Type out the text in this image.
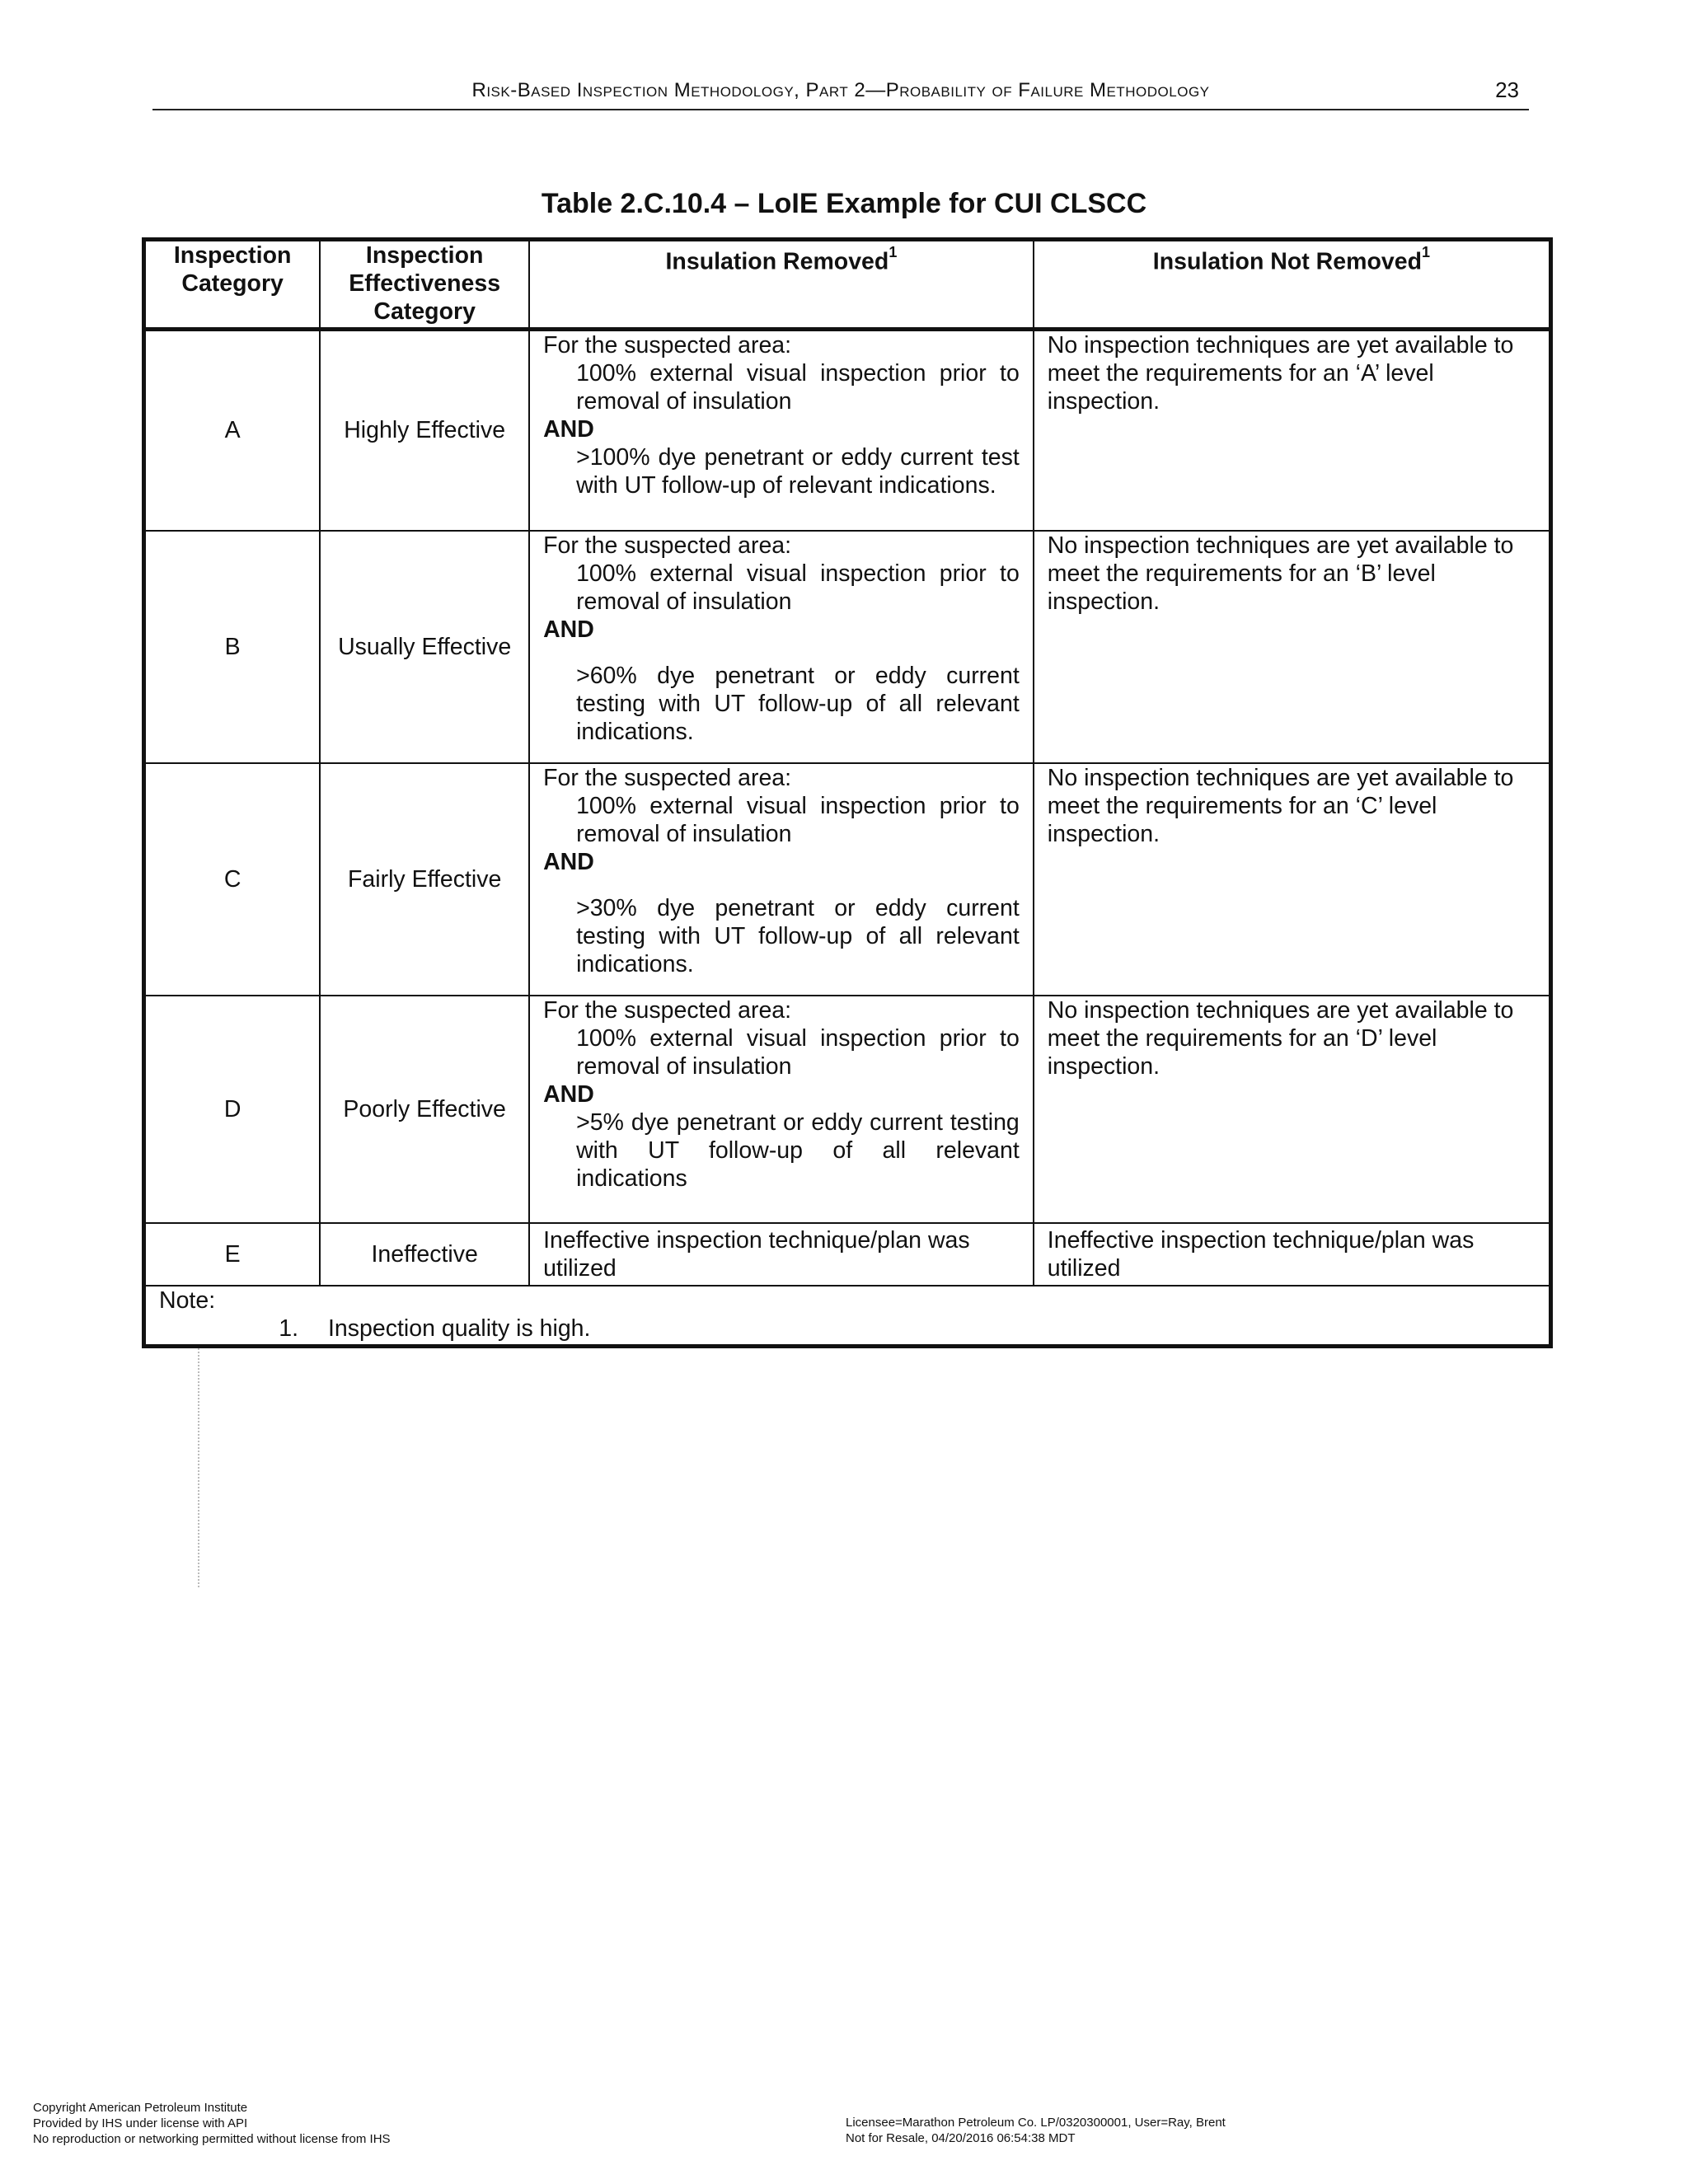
Risk-Based Inspection Methodology, Part 2—Probability of Failure Methodology	23
Table 2.C.10.4 – LoIE Example for CUI CLSCC
Inspection Category	Inspection Effectiveness Category	Insulation Removed$^1$	Insulation Not Removed$^1$
A	Highly Effective	For the suspected area:
100% external visual inspection prior to removal of insulation
AND
>100% dye penetrant or eddy current test with UT follow-up of relevant indications.	No inspection techniques are yet available to meet the requirements for an ‘A’ level inspection.
B	Usually Effective	For the suspected area:
100% external visual inspection prior to removal of insulation
AND
>60% dye penetrant or eddy current testing with UT follow-up of all relevant indications.	No inspection techniques are yet available to meet the requirements for an ‘B’ level inspection.
C	Fairly Effective	For the suspected area:
100% external visual inspection prior to removal of insulation
AND
>30% dye penetrant or eddy current testing with UT follow-up of all relevant indications.	No inspection techniques are yet available to meet the requirements for an ‘C’ level inspection.
D	Poorly Effective	For the suspected area:
100% external visual inspection prior to removal of insulation
AND
>5% dye penetrant or eddy current testing with UT follow-up of all relevant indications	No inspection techniques are yet available to meet the requirements for an ‘D’ level inspection.
E	Ineffective	Ineffective inspection technique/plan was utilized	Ineffective inspection technique/plan was utilized

Note:
1. Inspection quality is high.			
Copyright American Petroleum Institute
Provided by IHS under license with API
No reproduction or networking permitted without license from IHS
Licensee=Marathon Petroleum Co. LP/0320300001, User=Ray, Brent
Not for Resale, 04/20/2016 06:54:38 MDT
